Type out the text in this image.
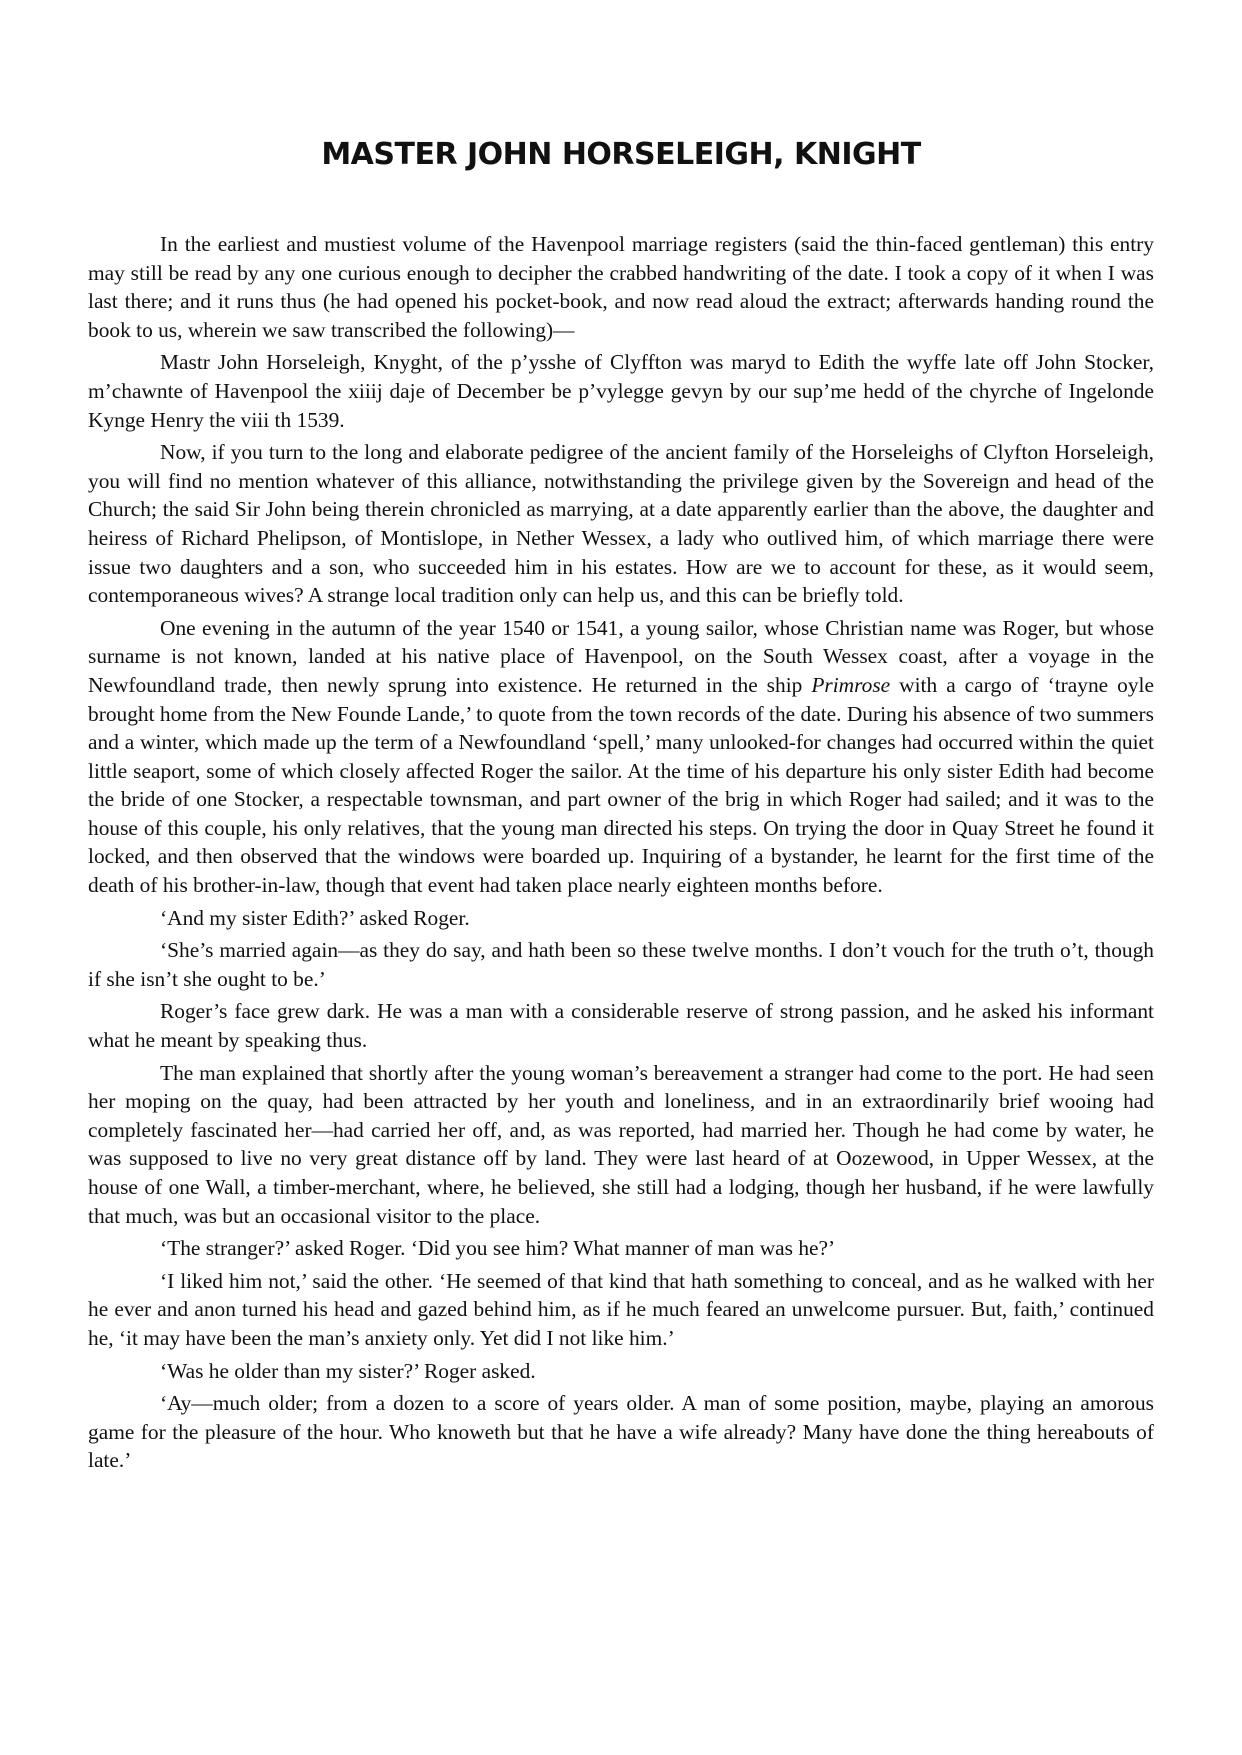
MASTER JOHN HORSELEIGH, KNIGHT

In the earliest and mustiest volume of the Havenpool marriage registers (said the thin-faced gentleman) this entry may still be read by any one curious enough to decipher the crabbed handwriting of the date. I took a copy of it when I was last there; and it runs thus (he had opened his pocket-book, and now read aloud the extract; afterwards handing round the book to us, wherein we saw transcribed the following)—

Mastr John Horseleigh, Knyght, of the p’ysshe of Clyffton was maryd to Edith the wyffe late off John Stocker, m’chawnte of Havenpool the xiiij daje of December be p’vylegge gevyn by our sup’me hedd of the chyrche of Ingelonde Kynge Henry the viii th 1539.

Now, if you turn to the long and elaborate pedigree of the ancient family of the Horseleighs of Clyfton Horseleigh, you will find no mention whatever of this alliance, notwithstanding the privilege given by the Sovereign and head of the Church; the said Sir John being therein chronicled as marrying, at a date apparently earlier than the above, the daughter and heiress of Richard Phelipson, of Montislope, in Nether Wessex, a lady who outlived him, of which marriage there were issue two daughters and a son, who succeeded him in his estates. How are we to account for these, as it would seem, contemporaneous wives? A strange local tradition only can help us, and this can be briefly told.

One evening in the autumn of the year 1540 or 1541, a young sailor, whose Christian name was Roger, but whose surname is not known, landed at his native place of Havenpool, on the South Wessex coast, after a voyage in the Newfoundland trade, then newly sprung into existence. He returned in the ship Primrose with a cargo of ‘trayne oyle brought home from the New Founde Lande,’ to quote from the town records of the date. During his absence of two summers and a winter, which made up the term of a Newfoundland ‘spell,’ many unlooked-for changes had occurred within the quiet little seaport, some of which closely affected Roger the sailor. At the time of his departure his only sister Edith had become the bride of one Stocker, a respectable townsman, and part owner of the brig in which Roger had sailed; and it was to the house of this couple, his only relatives, that the young man directed his steps. On trying the door in Quay Street he found it locked, and then observed that the windows were boarded up. Inquiring of a bystander, he learnt for the first time of the death of his brother-in-law, though that event had taken place nearly eighteen months before.

‘And my sister Edith?’ asked Roger.

‘She’s married again—as they do say, and hath been so these twelve months. I don’t vouch for the truth o’t, though if she isn’t she ought to be.’

Roger’s face grew dark. He was a man with a considerable reserve of strong passion, and he asked his informant what he meant by speaking thus.

The man explained that shortly after the young woman’s bereavement a stranger had come to the port. He had seen her moping on the quay, had been attracted by her youth and loneliness, and in an extraordinarily brief wooing had completely fascinated her—had carried her off, and, as was reported, had married her. Though he had come by water, he was supposed to live no very great distance off by land. They were last heard of at Oozewood, in Upper Wessex, at the house of one Wall, a timber-merchant, where, he believed, she still had a lodging, though her husband, if he were lawfully that much, was but an occasional visitor to the place.

‘The stranger?’ asked Roger. ‘Did you see him? What manner of man was he?’

‘I liked him not,’ said the other. ‘He seemed of that kind that hath something to conceal, and as he walked with her he ever and anon turned his head and gazed behind him, as if he much feared an unwelcome pursuer. But, faith,’ continued he, ‘it may have been the man’s anxiety only. Yet did I not like him.’

‘Was he older than my sister?’ Roger asked.

‘Ay—much older; from a dozen to a score of years older. A man of some position, maybe, playing an amorous game for the pleasure of the hour. Who knoweth but that he have a wife already? Many have done the thing hereabouts of late.’
